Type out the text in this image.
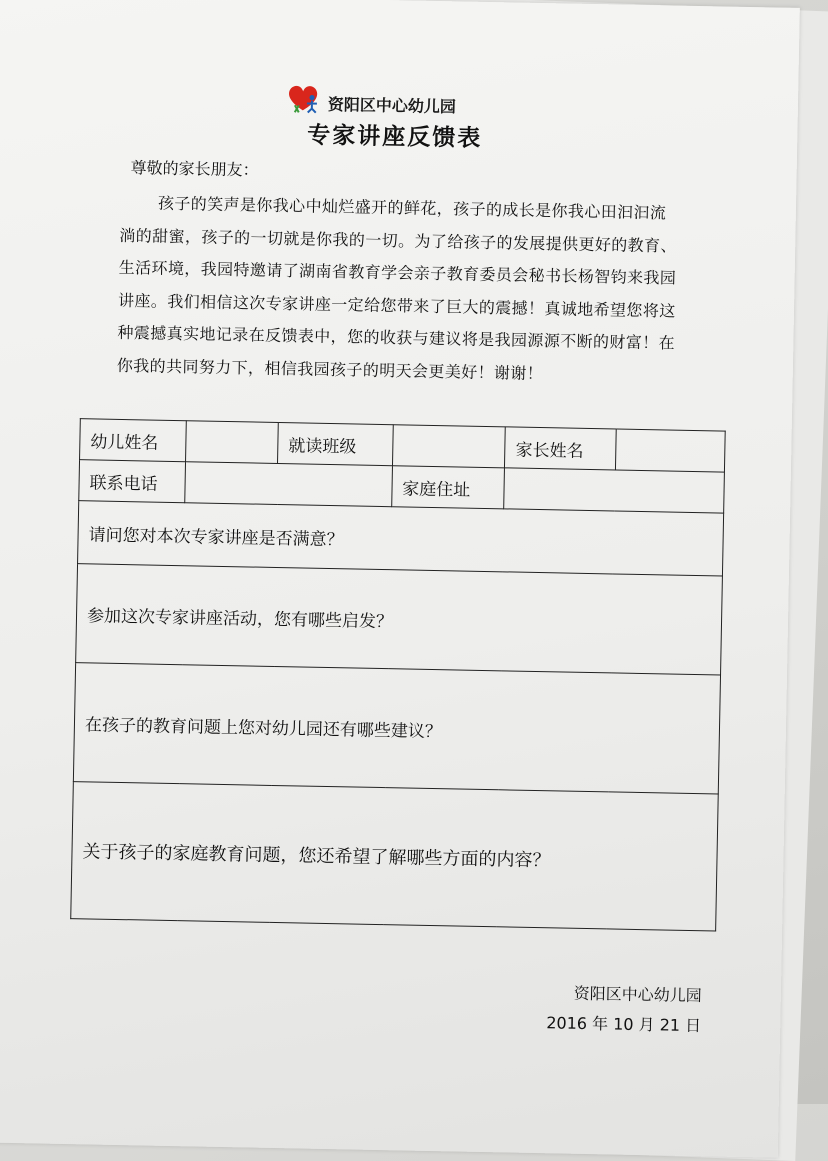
资阳区中心幼儿园
专家讲座反馈表
尊敬的家长朋友：

孩子的笑声是你我心中灿烂盛开的鲜花，孩子的成长是你我心田汩汩流淌的甜蜜，孩子的一切就是你我的一切。为了给孩子的发展提供更好的教育、生活环境，我园特邀请了湖南省教育学会亲子教育委员会秘书长杨智钧来我园讲座。我们相信这次专家讲座一定给您带来了巨大的震撼！真诚地希望您将这种震撼真实地记录在反馈表中，您的收获与建议将是我园源源不断的财富！在你我的共同努力下，相信我园孩子的明天会更美好！谢谢！

幼儿姓名		就读班级		家长姓名	
联系电话			家庭住址		
请问您对本次专家讲座是否满意？					
参加这次专家讲座活动，您有哪些启发？					
在孩子的教育问题上您对幼儿园还有哪些建议？					
关于孩子的家庭教育问题，您还希望了解哪些方面的内容？					
资阳区中心幼儿园
2016 年 10 月 21 日
